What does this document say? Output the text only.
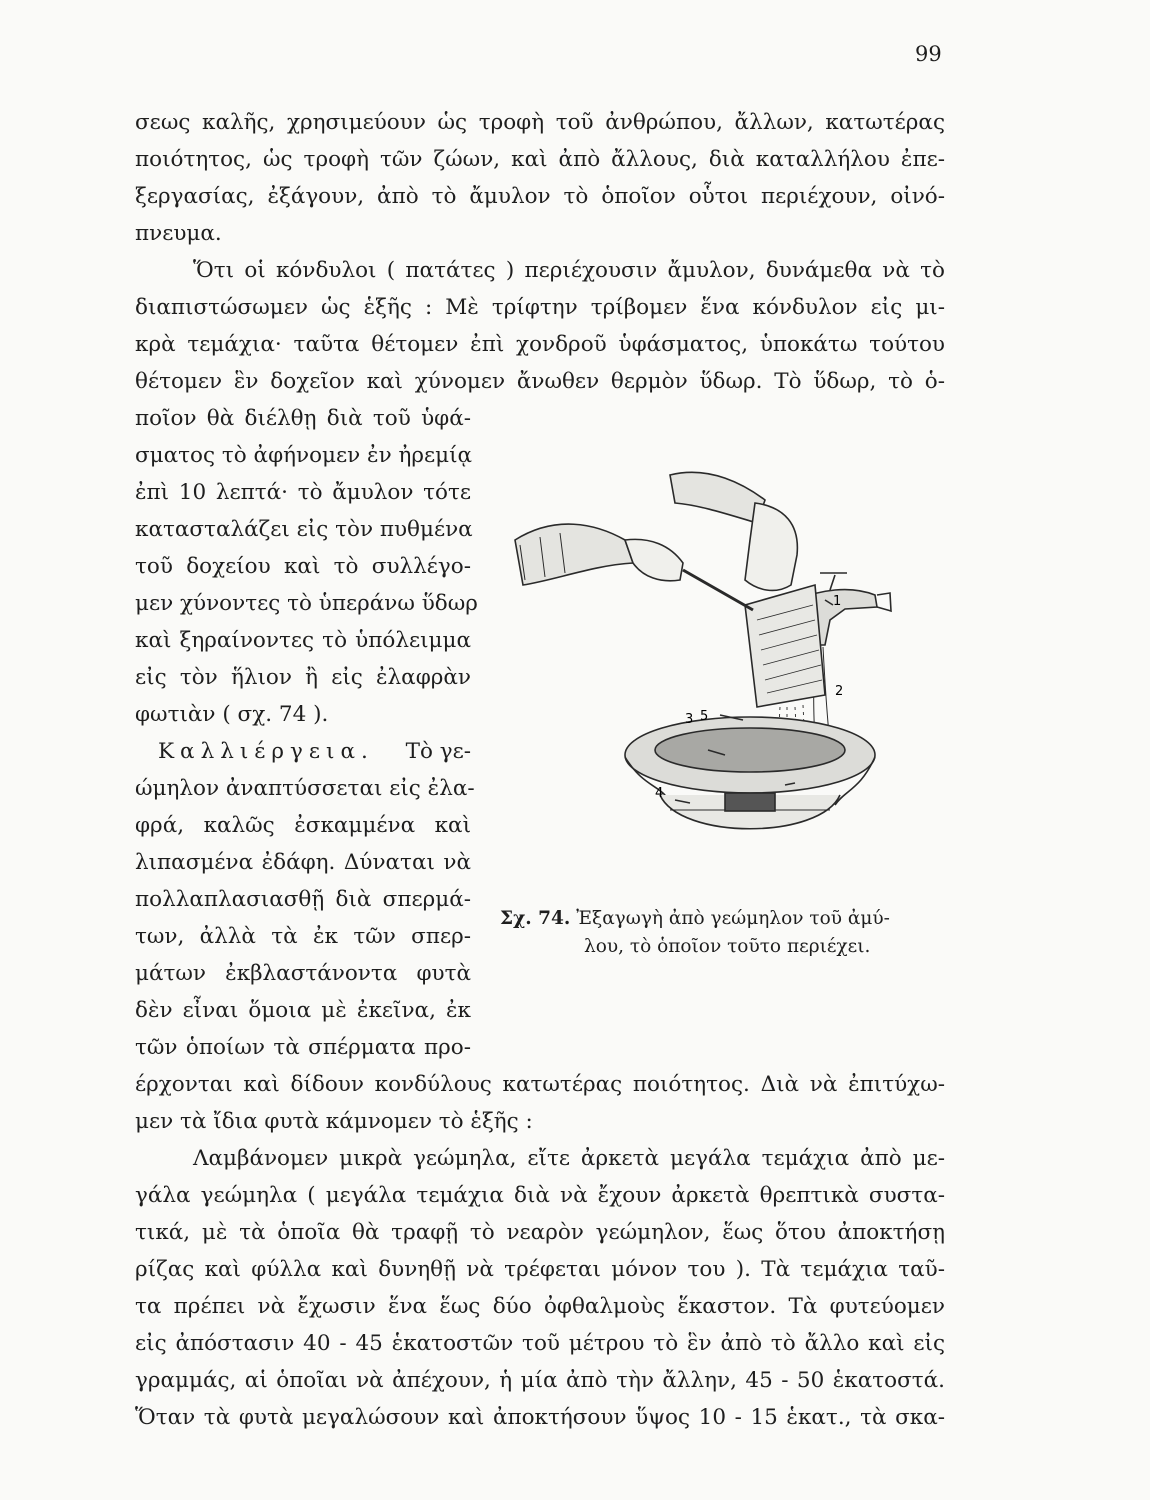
99
σεως καλῆς, χρησιμεύουν ὡς τροφὴ τοῦ ἀνθρώπου, ἄλλων, κατωτέρας
ποιότητος, ὡς τροφὴ τῶν ζώων, καὶ ἀπὸ ἄλλους, διὰ καταλλήλου ἐπε-
ξεργασίας, ἐξάγουν, ἀπὸ τὸ ἄμυλον τὸ ὁποῖον οὗτοι περιέχουν, οἰνό-
πνευμα.
Ὅτι οἱ κόνδυλοι ( πατάτες ) περιέχουσιν ἄμυλον, δυνάμεθα νὰ τὸ
διαπιστώσωμεν ὡς ἑξῆς : Μὲ τρίφτην τρίβομεν ἕνα κόνδυλον εἰς μι-
κρὰ τεμάχια· ταῦτα θέτομεν ἐπὶ χονδροῦ ὑφάσματος, ὑποκάτω τούτου
θέτομεν ἓν δοχεῖον καὶ χύνομεν ἄνωθεν θερμὸν ὕδωρ. Τὸ ὕδωρ, τὸ ὁ-
ποῖον θὰ διέλθῃ διὰ τοῦ ὑφά-
σματος τὸ ἀφήνομεν ἐν ἠρεμίᾳ
ἐπὶ 10 λεπτά· τὸ ἄμυλον τότε
κατασταλάζει εἰς τὸν πυθμένα
τοῦ δοχείου καὶ τὸ συλλέγο-
μεν χύνοντες τὸ ὑπεράνω ὕδωρ
καὶ ξηραίνοντες τὸ ὑπόλειμμα
εἰς τὸν ἥλιον ἢ εἰς ἐλαφρὰν
φωτιὰν ( σχ. 74 ).
Καλλιέργεια. Τὸ γε-
ώμηλον ἀναπτύσσεται εἰς ἐλα-
φρά, καλῶς ἐσκαμμένα καὶ
λιπασμένα ἐδάφη. Δύναται νὰ
πολλαπλασιασθῇ διὰ σπερμά-
των, ἀλλὰ τὰ ἐκ τῶν σπερ-
μάτων ἐκβλαστάνοντα φυτὰ
δὲν εἶναι ὅμοια μὲ ἐκεῖνα, ἐκ
τῶν ὁποίων τὰ σπέρματα προ-
έρχονται καὶ δίδουν κονδύλους κατωτέρας ποιότητος. Διὰ νὰ ἐπιτύχω-
μεν τὰ ἴδια φυτὰ κάμνομεν τὸ ἑξῆς :
Λαμβάνομεν μικρὰ γεώμηλα, εἴτε ἀρκετὰ μεγάλα τεμάχια ἀπὸ με-
γάλα γεώμηλα ( μεγάλα τεμάχια διὰ νὰ ἔχουν ἀρκετὰ θρεπτικὰ συστα-
τικά, μὲ τὰ ὁποῖα θὰ τραφῇ τὸ νεαρὸν γεώμηλον, ἕως ὅτου ἀποκτήσῃ
ρίζας καὶ φύλλα καὶ δυνηθῇ νὰ τρέφεται μόνον του ). Τὰ τεμάχια ταῦ-
τα πρέπει νὰ ἔχωσιν ἕνα ἕως δύο ὀφθαλμοὺς ἕκαστον. Τὰ φυτεύομεν
εἰς ἀπόστασιν 40 - 45 ἑκατοστῶν τοῦ μέτρου τὸ ἓν ἀπὸ τὸ ἄλλο καὶ εἰς
γραμμάς, αἱ ὁποῖαι νὰ ἀπέχουν, ἡ μία ἀπὸ τὴν ἄλλην, 45 - 50 ἑκατοστά.
Ὅταν τὰ φυτὰ μεγαλώσουν καὶ ἀποκτήσουν ὕψος 10 - 15 ἑκατ., τὰ σκα-
5
1
2
3
4
Σχ. 74. Ἐξαγωγὴ ἀπὸ γεώμηλον τοῦ ἀμύ-
λου, τὸ ὁποῖον τοῦτο περιέχει.
